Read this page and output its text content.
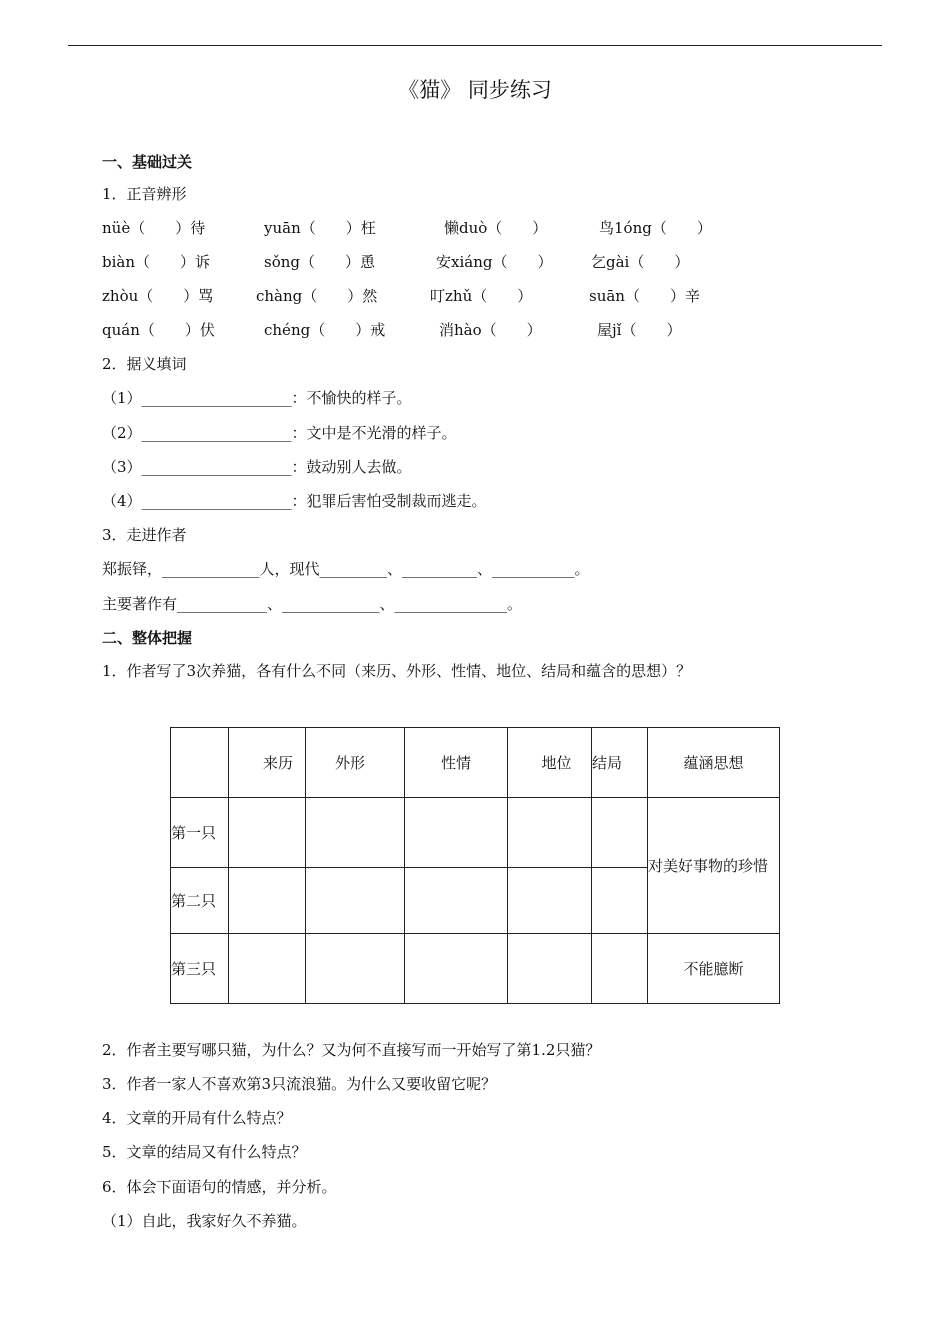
《猫》 同步练习
一、基础过关
1．正音辨形
nüè（　　）待	yuān（　　）枉	懒duò（　　）	鸟1óng（　　）
biàn（　　）诉	sǒng（　　）恿	安xiáng（　　）	乞gài（　　）
zhòu（　　）骂	chàng（　　）然	叮zhǔ（　　）	suān（　　）辛
quán（　　）伏	chéng（　　）戒	消hào（　　）	屋jǐ（　　）
2．据义填词
（1）____________________：不愉快的样子。
（2）____________________：文中是不光滑的样子。
（3）____________________：鼓动别人去做。
（4）____________________：犯罪后害怕受制裁而逃走。
3．走进作者
郑振铎，_____________人，现代_________、__________、___________。
主要著作有____________、_____________、_______________。
二、整体把握
1．作者写了3次养猫，各有什么不同（来历、外形、性情、地位、结局和蕴含的思想）？
	来历	外形	性情	地位	结局	蕴涵思想
第一只						对美好事物的珍惜
第二只						
第三只						不能臆断
2．作者主要写哪只猫，为什么？又为何不直接写而一开始写了第1.2只猫？
3．作者一家人不喜欢第3只流浪猫。为什么又要收留它呢？
4．文章的开局有什么特点？
5．文章的结局又有什么特点？
6．体会下面语句的情感，并分析。
（1）自此，我家好久不养猫。
